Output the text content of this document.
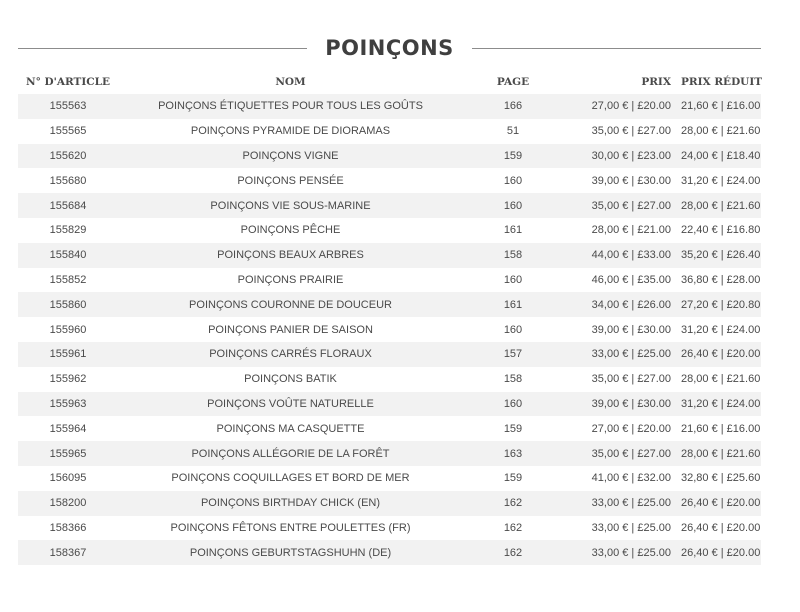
POINÇONS
N° D'ARTICLE	NOM	PAGE	PRIX	PRIX RÉDUIT
155563	POINÇONS ÉTIQUETTES POUR TOUS LES GOÛTS	166	27,00 € | £20.00	21,60 € | £16.00
155565	POINÇONS PYRAMIDE DE DIORAMAS	51	35,00 € | £27.00	28,00 € | £21.60
155620	POINÇONS VIGNE	159	30,00 € | £23.00	24,00 € | £18.40
155680	POINÇONS PENSÉE	160	39,00 € | £30.00	31,20 € | £24.00
155684	POINÇONS VIE SOUS-MARINE	160	35,00 € | £27.00	28,00 € | £21.60
155829	POINÇONS PÊCHE	161	28,00 € | £21.00	22,40 € | £16.80
155840	POINÇONS BEAUX ARBRES	158	44,00 € | £33.00	35,20 € | £26.40
155852	POINÇONS PRAIRIE	160	46,00 € | £35.00	36,80 € | £28.00
155860	POINÇONS COURONNE DE DOUCEUR	161	34,00 € | £26.00	27,20 € | £20.80
155960	POINÇONS PANIER DE SAISON	160	39,00 € | £30.00	31,20 € | £24.00
155961	POINÇONS CARRÉS FLORAUX	157	33,00 € | £25.00	26,40 € | £20.00
155962	POINÇONS BATIK	158	35,00 € | £27.00	28,00 € | £21.60
155963	POINÇONS VOÛTE NATURELLE	160	39,00 € | £30.00	31,20 € | £24.00
155964	POINÇONS MA CASQUETTE	159	27,00 € | £20.00	21,60 € | £16.00
155965	POINÇONS ALLÉGORIE DE LA FORÊT	163	35,00 € | £27.00	28,00 € | £21.60
156095	POINÇONS COQUILLAGES ET BORD DE MER	159	41,00 € | £32.00	32,80 € | £25.60
158200	POINÇONS BIRTHDAY CHICK (EN)	162	33,00 € | £25.00	26,40 € | £20.00
158366	POINÇONS FÊTONS ENTRE POULETTES (FR)	162	33,00 € | £25.00	26,40 € | £20.00
158367	POINÇONS GEBURTSTAGSHUHN (DE)	162	33,00 € | £25.00	26,40 € | £20.00
